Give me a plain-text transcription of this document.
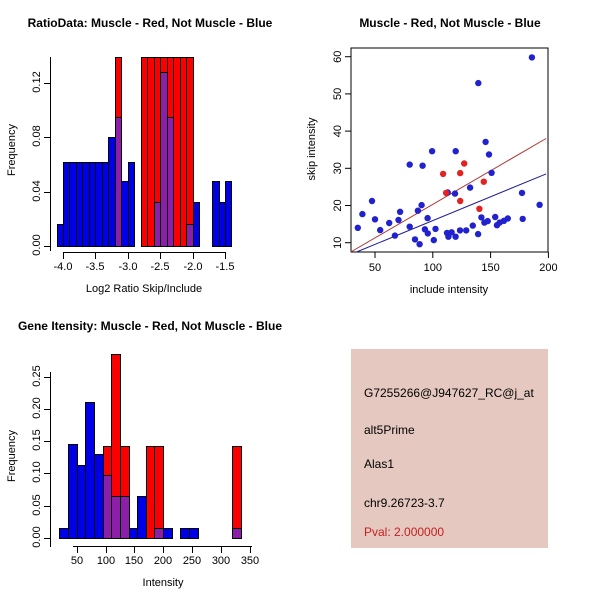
RatioData: Muscle - Red, Not Muscle - Blue
Log2 Ratio Skip/Include
Frequency
Muscle - Red, Not Muscle - Blue
include intensity
skip intensity
50	100	150	200
10
20
30
40
50
60
Gene Itensity: Muscle - Red, Not Muscle - Blue
Intensity
Frequency
G7255266@J947627_RC@j_at
alt5Prime
Alas1
chr9.26723-3.7
Pval: 2.000000
-4.0	-3.5	-3.0	-2.5	-2.0	-1.5
0.00
0.04
0.08
0.12
50	100 150 200 250 300 350
0.00
0.05
0.10
0.15
0.20
0.25
